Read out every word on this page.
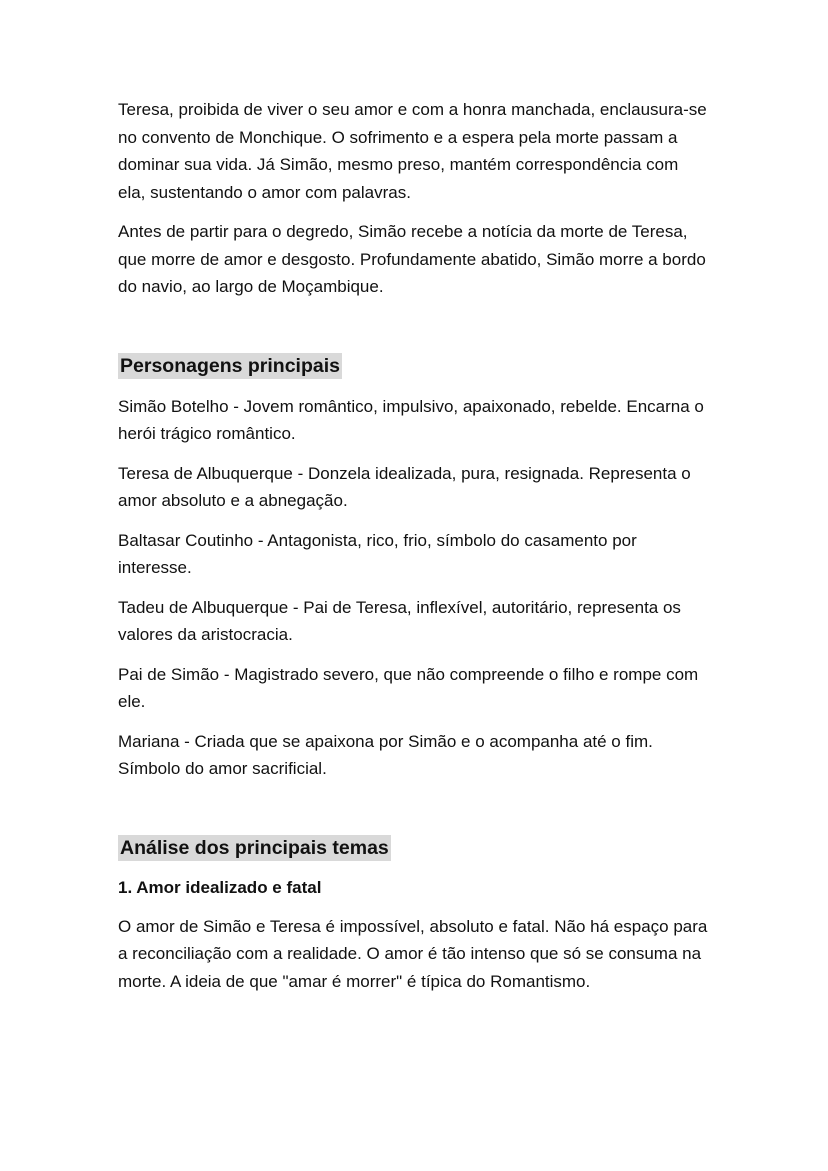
Teresa, proibida de viver o seu amor e com a honra manchada, enclausura-se no convento de Monchique. O sofrimento e a espera pela morte passam a dominar sua vida. Já Simão, mesmo preso, mantém correspondência com ela, sustentando o amor com palavras.

Antes de partir para o degredo, Simão recebe a notícia da morte de Teresa, que morre de amor e desgosto. Profundamente abatido, Simão morre a bordo do navio, ao largo de Moçambique.

Personagens principais

Simão Botelho - Jovem romântico, impulsivo, apaixonado, rebelde. Encarna o herói trágico romântico.

Teresa de Albuquerque - Donzela idealizada, pura, resignada. Representa o amor absoluto e a abnegação.

Baltasar Coutinho - Antagonista, rico, frio, símbolo do casamento por interesse.

Tadeu de Albuquerque - Pai de Teresa, inflexível, autoritário, representa os valores da aristocracia.

Pai de Simão - Magistrado severo, que não compreende o filho e rompe com ele.

Mariana - Criada que se apaixona por Simão e o acompanha até o fim. Símbolo do amor sacrificial.

Análise dos principais temas
1. Amor idealizado e fatal

O amor de Simão e Teresa é impossível, absoluto e fatal. Não há espaço para a reconciliação com a realidade. O amor é tão intenso que só se consuma na morte. A ideia de que "amar é morrer" é típica do Romantismo.
